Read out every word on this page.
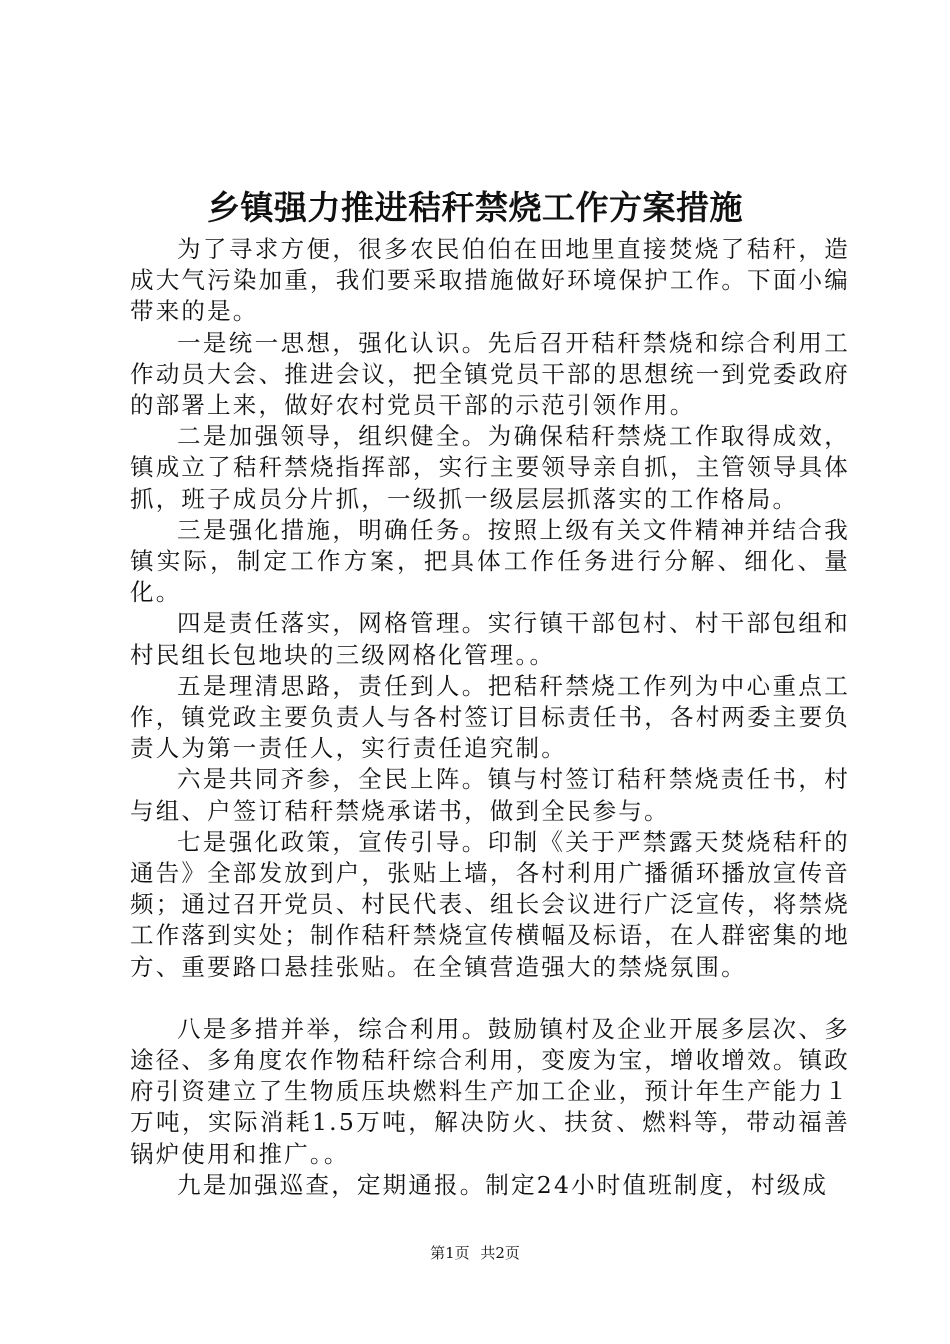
乡镇强力推进秸秆禁烧工作方案措施

为了寻求方便，很多农民伯伯在田地里直接焚烧了秸秆，造成大气污染加重，我们要采取措施做好环境保护工作。下面小编带来的是。

一是统一思想，强化认识。先后召开秸秆禁烧和综合利用工作动员大会、推进会议，把全镇党员干部的思想统一到党委政府的部署上来，做好农村党员干部的示范引领作用。

二是加强领导，组织健全。为确保秸秆禁烧工作取得成效，镇成立了秸秆禁烧指挥部，实行主要领导亲自抓，主管领导具体抓，班子成员分片抓，一级抓一级层层抓落实的工作格局。

三是强化措施，明确任务。按照上级有关文件精神并结合我镇实际，制定工作方案，把具体工作任务进行分解、细化、量化。

四是责任落实，网格管理。实行镇干部包村、村干部包组和村民组长包地块的三级网格化管理。。

五是理清思路，责任到人。把秸秆禁烧工作列为中心重点工作，镇党政主要负责人与各村签订目标责任书，各村两委主要负责人为第一责任人，实行责任追究制。

六是共同齐参，全民上阵。镇与村签订秸秆禁烧责任书，村与组、户签订秸秆禁烧承诺书，做到全民参与。

七是强化政策，宣传引导。印制《关于严禁露天焚烧秸秆的通告》全部发放到户，张贴上墙，各村利用广播循环播放宣传音频；通过召开党员、村民代表、组长会议进行广泛宣传，将禁烧工作落到实处；制作秸秆禁烧宣传横幅及标语，在人群密集的地方、重要路口悬挂张贴。在全镇营造强大的禁烧氛围。

八是多措并举，综合利用。鼓励镇村及企业开展多层次、多途径、多角度农作物秸秆综合利用，变废为宝，增收增效。镇政府引资建立了生物质压块燃料生产加工企业，预计年生产能力１万吨，实际消耗1.5万吨，解决防火、扶贫、燃料等，带动福善锅炉使用和推广。。

九是加强巡查，定期通报。制定24小时值班制度，村级成

第1页 共2页
